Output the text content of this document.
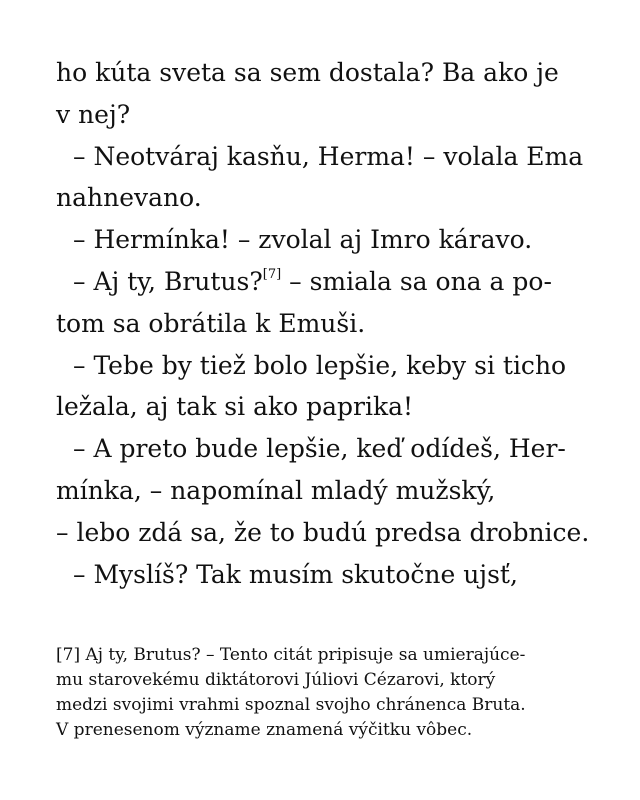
ho kúta sveta sa sem dostala? Ba ako je
v nej?
– Neotváraj kasňu, Herma! – volala Ema
nahnevano.
– Hermínka! – zvolal aj Imro káravo.
– Aj ty, Brutus?[7] – smiala sa ona a po-
tom sa obrátila k Emuši.
– Tebe by tiež bolo lepšie, keby si ticho
ležala, aj tak si ako paprika!
– A preto bude lepšie, keď odídeš, Her-
mínka, – napomínal mladý mužský,
– lebo zdá sa, že to budú predsa drobnice.
– Myslíš? Tak musím skutočne ujsť,
[7] Aj ty, Brutus? – Tento citát pripisuje sa umierajúce-
mu starovekému diktátorovi Júliovi Cézarovi, ktorý
medzi svojimi vrahmi spoznal svojho chránenca Bruta.
V prenesenom význame znamená výčitku vôbec.
